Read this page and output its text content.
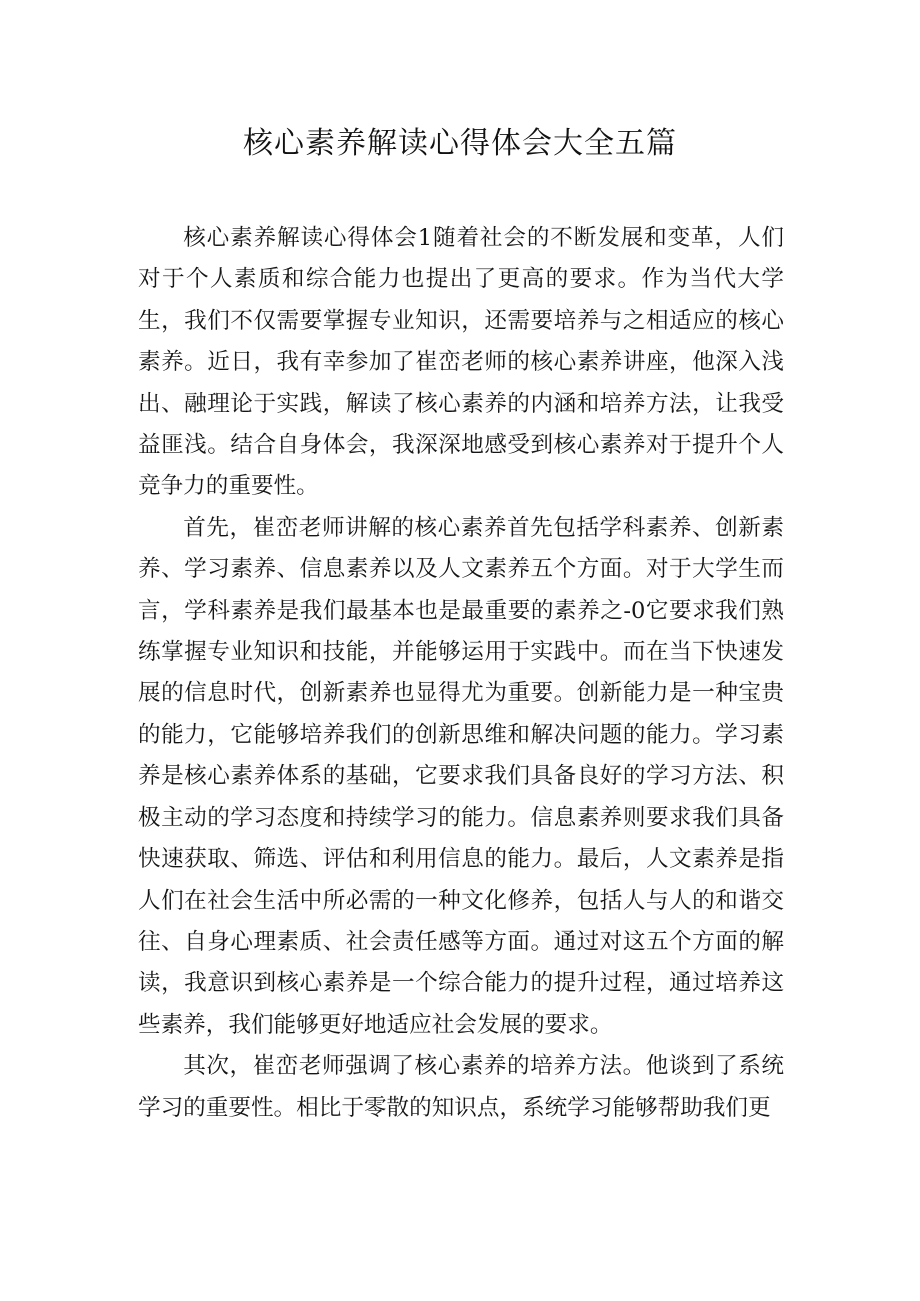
核心素养解读心得体会大全五篇

核心素养解读心得体会1随着社会的不断发展和变革，人们对于个人素质和综合能力也提出了更高的要求。作为当代大学生，我们不仅需要掌握专业知识，还需要培养与之相适应的核心素养。近日，我有幸参加了崔峦老师的核心素养讲座，他深入浅出、融理论于实践，解读了核心素养的内涵和培养方法，让我受益匪浅。结合自身体会，我深深地感受到核心素养对于提升个人竞争力的重要性。

首先，崔峦老师讲解的核心素养首先包括学科素养、创新素养、学习素养、信息素养以及人文素养五个方面。对于大学生而言，学科素养是我们最基本也是最重要的素养之-0它要求我们熟练掌握专业知识和技能，并能够运用于实践中。而在当下快速发展的信息时代，创新素养也显得尤为重要。创新能力是一种宝贵的能力，它能够培养我们的创新思维和解决问题的能力。学习素养是核心素养体系的基础，它要求我们具备良好的学习方法、积极主动的学习态度和持续学习的能力。信息素养则要求我们具备快速获取、筛选、评估和利用信息的能力。最后，人文素养是指人们在社会生活中所必需的一种文化修养，包括人与人的和谐交往、自身心理素质、社会责任感等方面。通过对这五个方面的解读，我意识到核心素养是一个综合能力的提升过程，通过培养这些素养，我们能够更好地适应社会发展的要求。

其次，崔峦老师强调了核心素养的培养方法。他谈到了系统学习的重要性。相比于零散的知识点，系统学习能够帮助我们更
